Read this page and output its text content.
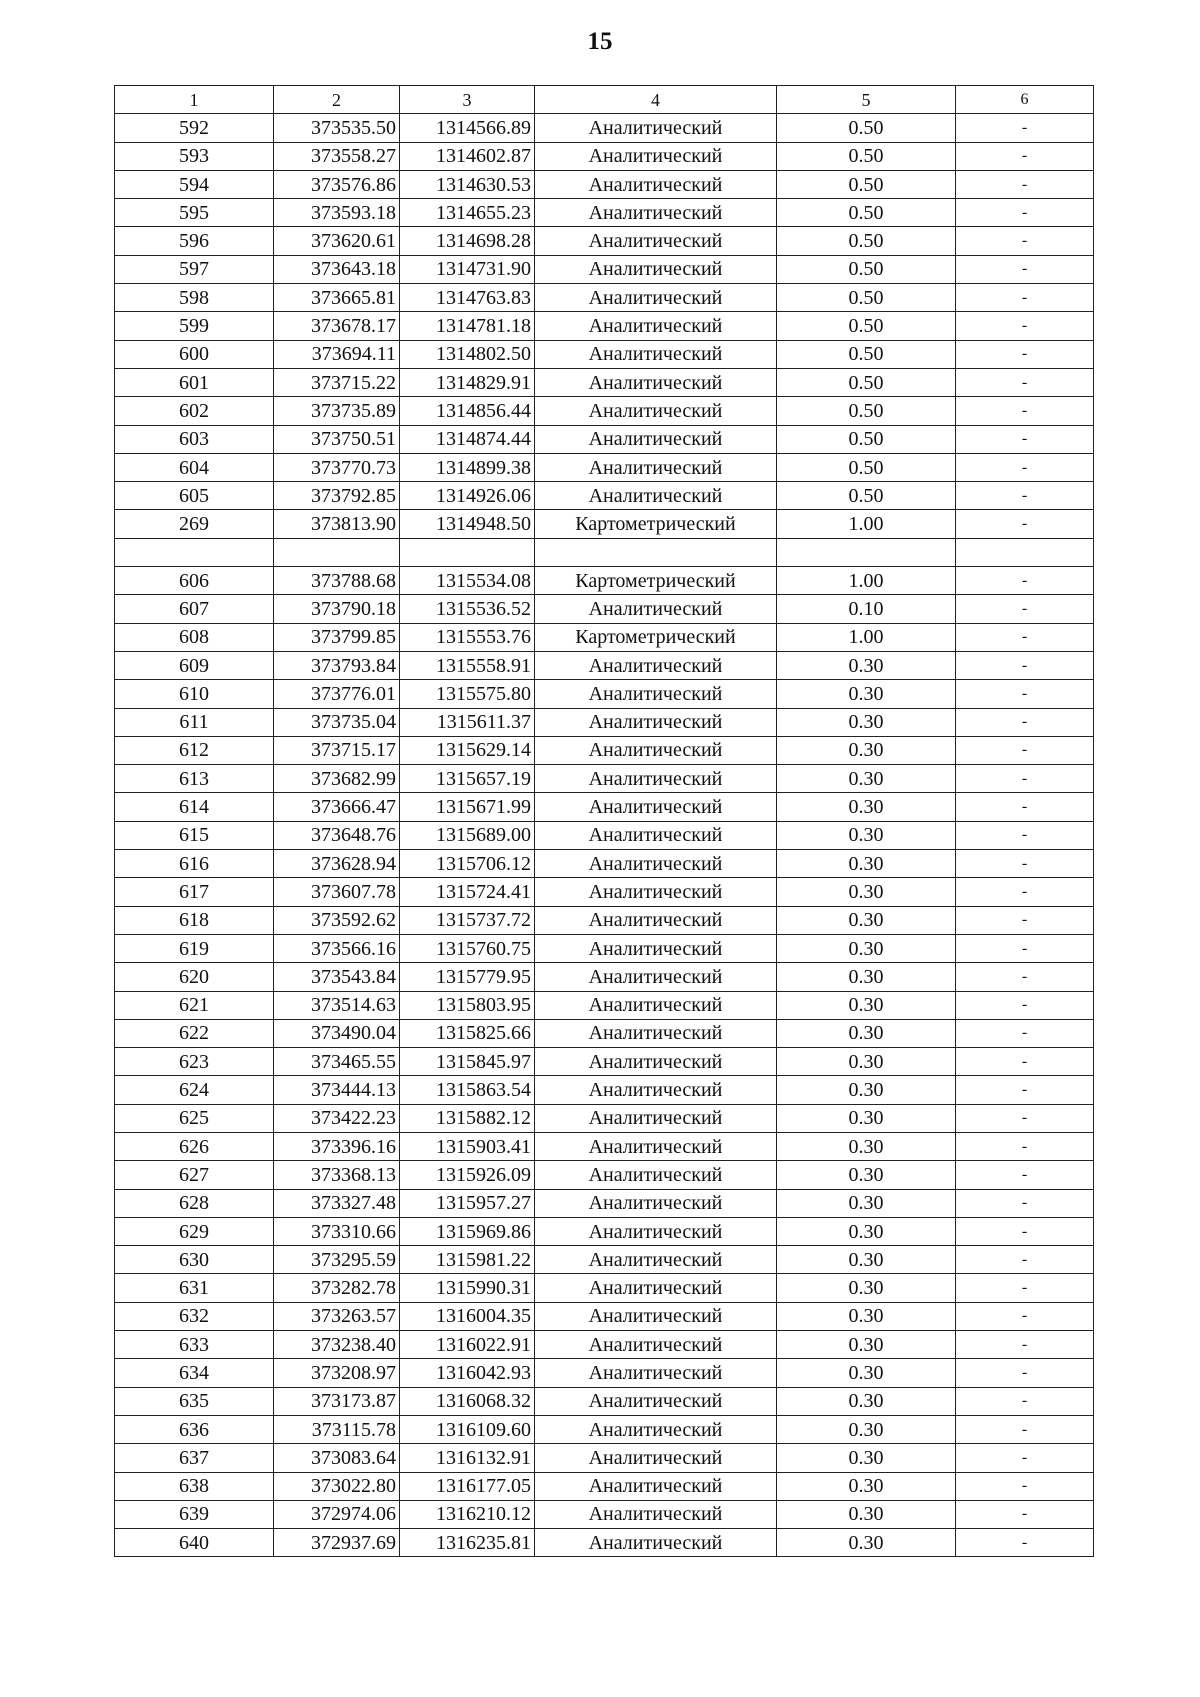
15
1	2	3	4	5	6
592	373535.50	1314566.89	Аналитический	0.50	-
593	373558.27	1314602.87	Аналитический	0.50	-
594	373576.86	1314630.53	Аналитический	0.50	-
595	373593.18	1314655.23	Аналитический	0.50	-
596	373620.61	1314698.28	Аналитический	0.50	-
597	373643.18	1314731.90	Аналитический	0.50	-
598	373665.81	1314763.83	Аналитический	0.50	-
599	373678.17	1314781.18	Аналитический	0.50	-
600	373694.11	1314802.50	Аналитический	0.50	-
601	373715.22	1314829.91	Аналитический	0.50	-
602	373735.89	1314856.44	Аналитический	0.50	-
603	373750.51	1314874.44	Аналитический	0.50	-
604	373770.73	1314899.38	Аналитический	0.50	-
605	373792.85	1314926.06	Аналитический	0.50	-
269	373813.90	1314948.50	Картометрический	1.00	-

606	373788.68	1315534.08	Картометрический	1.00	-
607	373790.18	1315536.52	Аналитический	0.10	-
608	373799.85	1315553.76	Картометрический	1.00	-
609	373793.84	1315558.91	Аналитический	0.30	-
610	373776.01	1315575.80	Аналитический	0.30	-
611	373735.04	1315611.37	Аналитический	0.30	-
612	373715.17	1315629.14	Аналитический	0.30	-
613	373682.99	1315657.19	Аналитический	0.30	-
614	373666.47	1315671.99	Аналитический	0.30	-
615	373648.76	1315689.00	Аналитический	0.30	-
616	373628.94	1315706.12	Аналитический	0.30	-
617	373607.78	1315724.41	Аналитический	0.30	-
618	373592.62	1315737.72	Аналитический	0.30	-
619	373566.16	1315760.75	Аналитический	0.30	-
620	373543.84	1315779.95	Аналитический	0.30	-
621	373514.63	1315803.95	Аналитический	0.30	-
622	373490.04	1315825.66	Аналитический	0.30	-
623	373465.55	1315845.97	Аналитический	0.30	-
624	373444.13	1315863.54	Аналитический	0.30	-
625	373422.23	1315882.12	Аналитический	0.30	-
626	373396.16	1315903.41	Аналитический	0.30	-
627	373368.13	1315926.09	Аналитический	0.30	-
628	373327.48	1315957.27	Аналитический	0.30	-
629	373310.66	1315969.86	Аналитический	0.30	-
630	373295.59	1315981.22	Аналитический	0.30	-
631	373282.78	1315990.31	Аналитический	0.30	-
632	373263.57	1316004.35	Аналитический	0.30	-
633	373238.40	1316022.91	Аналитический	0.30	-
634	373208.97	1316042.93	Аналитический	0.30	-
635	373173.87	1316068.32	Аналитический	0.30	-
636	373115.78	1316109.60	Аналитический	0.30	-
637	373083.64	1316132.91	Аналитический	0.30	-
638	373022.80	1316177.05	Аналитический	0.30	-
639	372974.06	1316210.12	Аналитический	0.30	-
640	372937.69	1316235.81	Аналитический	0.30	-
